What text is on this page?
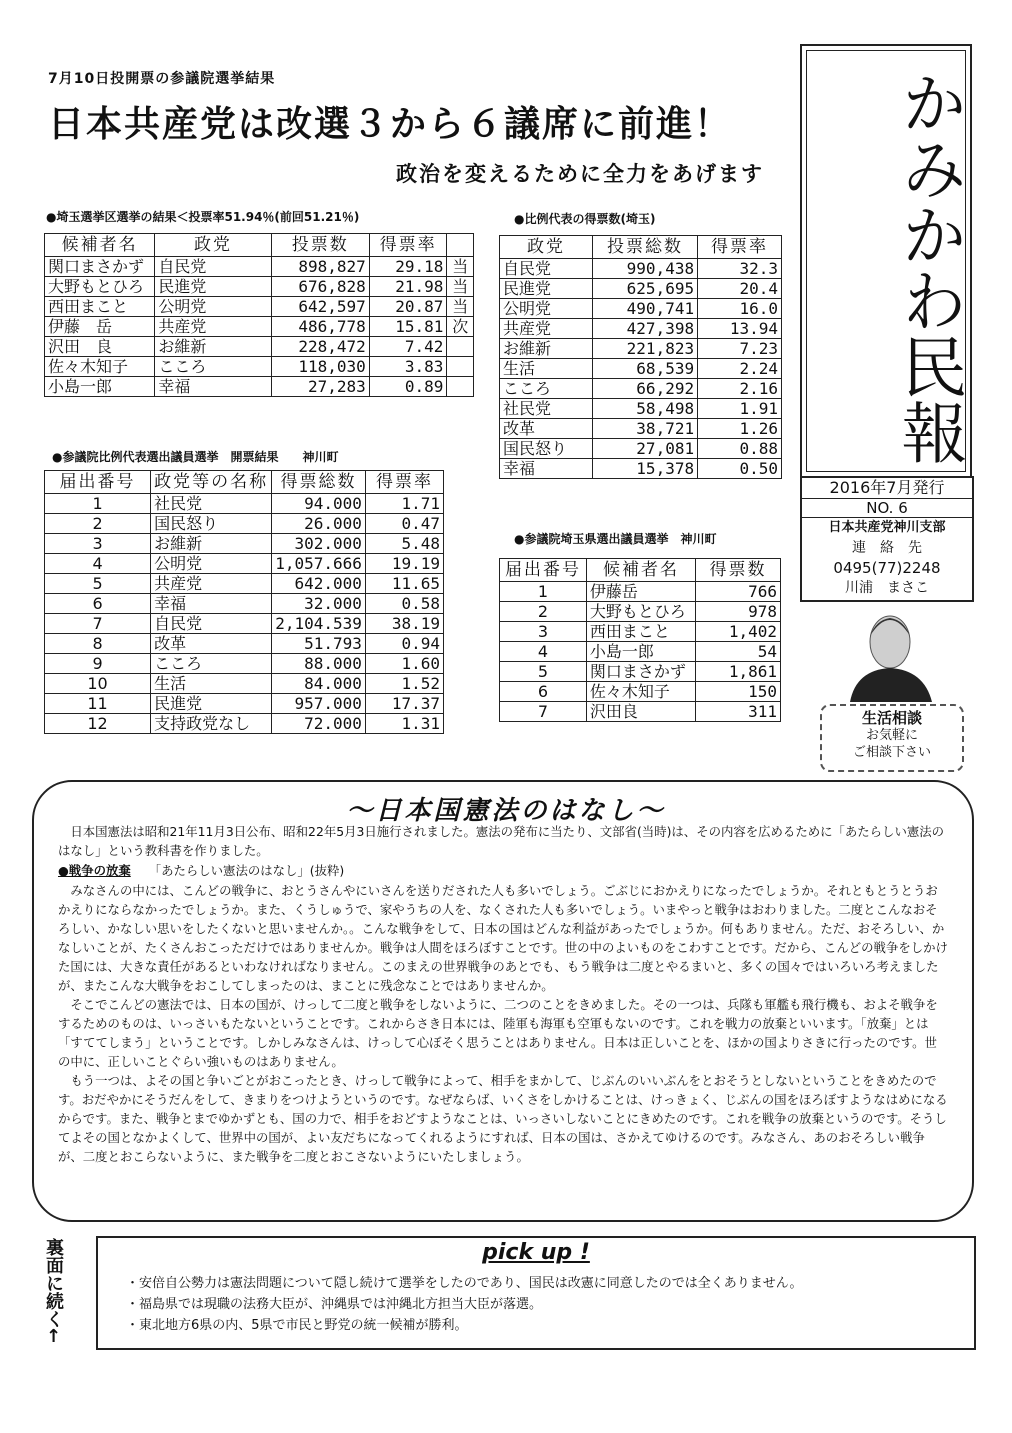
7月10日投開票の参議院選挙結果
日本共産党は改選３から６議席に前進！
政治を変えるために全力をあげます	かみかわ民報
2016年7月発行
NO. 6
日本共産党神川支部
連　絡　先
0495(77)2248
川浦　まさこ
生活相談
お気軽に
ご相談下さい
●埼玉選挙区選挙の結果＜投票率51.94％(前回51.21％)
候補者名	政党	投票数	得票率	
関口まさかず	自民党	898,827	29.18	当
大野もとひろ	民進党	676,828	21.98	当
西田まこと	公明党	642,597	20.87	当
伊藤　岳	共産党	486,778	15.81	次
沢田　良	お維新	228,472	7.42	
佐々木知子	こころ	118,030	3.83	
小島一郎	幸福	27,283	0.89	
●比例代表の得票数(埼玉)
政党	投票総数	得票率
自民党	990,438	32.3
民進党	625,695	20.4
公明党	490,741	16.0
共産党	427,398	13.94
お維新	221,823	7.23
生活	68,539	2.24
こころ	66,292	2.16
社民党	58,498	1.91
改革	38,721	1.26
国民怒り	27,081	0.88
幸福	15,378	0.50
●参議院比例代表選出議員選挙　開票結果　　神川町
届出番号	政党等の名称	得票総数	得票率
1	社民党	94.000	1.71
2	国民怒り	26.000	0.47
3	お維新	302.000	5.48
4	公明党	1,057.666	19.19
5	共産党	642.000	11.65
6	幸福	32.000	0.58
7	自民党	2,104.539	38.19
8	改革	51.793	0.94
9	こころ	88.000	1.60
10	生活	84.000	1.52
11	民進党	957.000	17.37
12	支持政党なし	72.000	1.31
●参議院埼玉県選出議員選挙　神川町
届出番号	候補者名	得票数
1	伊藤岳	766
2	大野もとひろ	978
3	西田まこと	1,402
4	小島一郎	54
5	関口まさかず	1,861
6	佐々木知子	150
7	沢田良	311
～日本国憲法のはなし～

日本国憲法は昭和21年11月3日公布、昭和22年5月3日施行されました。憲法の発布に当たり、文部省(当時)は、その内容を広めるために「あたらしい憲法のはなし」という教科書を作りました。

●戦争の放棄 「あたらしい憲法のはなし」(抜粋)

みなさんの中には、こんどの戦争に、おとうさんやにいさんを送りだされた人も多いでしょう。ごぶじにおかえりになったでしょうか。それともとうとうおかえりにならなかったでしょうか。また、くうしゅうで、家やうちの人を、なくされた人も多いでしょう。いまやっと戦争はおわりました。二度とこんなおそろしい、かなしい思いをしたくないと思いませんか。。こんな戦争をして、日本の国はどんな利益があったでしょうか。何もありません。ただ、おそろしい、かなしいことが、たくさんおこっただけではありませんか。戦争は人間をほろぼすことです。世の中のよいものをこわすことです。だから、こんどの戦争をしかけた国には、大きな責任があるといわなければなりません。このまえの世界戦争のあとでも、もう戦争は二度とやるまいと、多くの国々ではいろいろ考えましたが、またこんな大戦争をおこしてしまったのは、まことに残念なことではありませんか。

そこでこんどの憲法では、日本の国が、けっして二度と戦争をしないように、二つのことをきめました。その一つは、兵隊も軍艦も飛行機も、およそ戦争をするためのものは、いっさいもたないということです。これからさき日本には、陸軍も海軍も空軍もないのです。これを戦力の放棄といいます。「放棄」とは「すててしまう」ということです。しかしみなさんは、けっして心ぼそく思うことはありません。日本は正しいことを、ほかの国よりさきに行ったのです。世の中に、正しいことぐらい強いものはありません。

もう一つは、よその国と争いごとがおこったとき、けっして戦争によって、相手をまかして、じぶんのいいぶんをとおそうとしないということをきめたのです。おだやかにそうだんをして、きまりをつけようというのです。なぜならば、いくさをしかけることは、けっきょく、じぶんの国をほろぼすようなはめになるからです。また、戦争とまでゆかずとも、国の力で、相手をおどすようなことは、いっさいしないことにきめたのです。これを戦争の放棄というのです。そうしてよその国となかよくして、世界中の国が、よい友だちになってくれるようにすれば、日本の国は、さかえてゆけるのです。みなさん、あのおそろしい戦争が、二度とおこらないように、また戦争を二度とおこさないようにいたしましょう。

裏面に続く←	pick up !
・安倍自公勢力は憲法問題について隠し続けて選挙をしたのであり、国民は改憲に同意したのでは全くありません。
・福島県では現職の法務大臣が、沖縄県では沖縄北方担当大臣が落選。
・東北地方6県の内、5県で市民と野党の統一候補が勝利。
